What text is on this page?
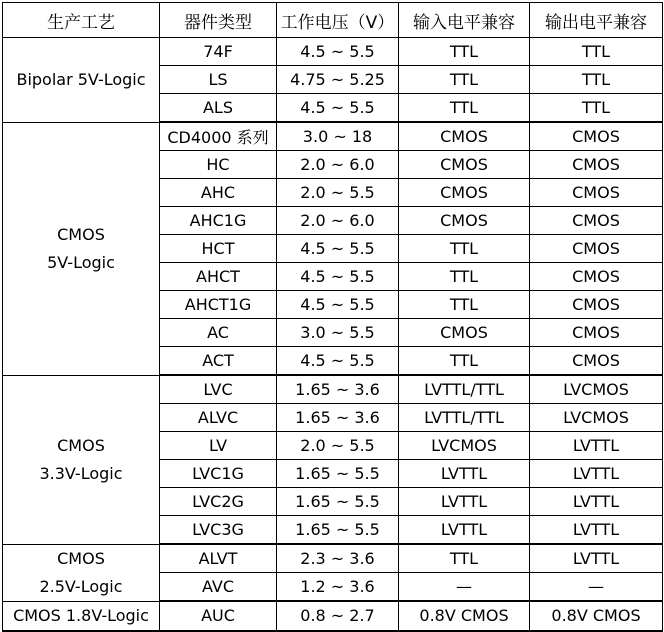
生产工艺	器件类型	工作电压（V）	输入电平兼容	输出电平兼容

Bipolar 5V-Logic	74F	4.5 ~ 5.5	TTL	TTL
	LS	4.75 ~ 5.25	TTL	TTL
	ALS	4.5 ~ 5.5	TTL	TTL

CMOS
5V-Logic	CD4000 系列	3.0 ~ 18	CMOS	CMOS
	HC	2.0 ~ 6.0	CMOS	CMOS
	AHC	2.0 ~ 5.5	CMOS	CMOS
	AHC1G	2.0 ~ 6.0	CMOS	CMOS
	HCT	4.5 ~ 5.5	TTL	CMOS
	AHCT	4.5 ~ 5.5	TTL	CMOS
	AHCT1G	4.5 ~ 5.5	TTL	CMOS
	AC	3.0 ~ 5.5	CMOS	CMOS
	ACT	4.5 ~ 5.5	TTL	CMOS

CMOS
3.3V-Logic	LVC	1.65 ~ 3.6	LVTTL/TTL	LVCMOS
	ALVC	1.65 ~ 3.6	LVTTL/TTL	LVCMOS
	LV	2.0 ~ 5.5	LVCMOS	LVTTL
	LVC1G	1.65 ~ 5.5	LVTTL	LVTTL
	LVC2G	1.65 ~ 5.5	LVTTL	LVTTL
	LVC3G	1.65 ~ 5.5	LVTTL	LVTTL

CMOS
2.5V-Logic	ALVT	2.3 ~ 3.6	TTL	LVTTL
	AVC	1.2 ~ 3.6	—	—

CMOS 1.8V-Logic	AUC	0.8 ~ 2.7	0.8V CMOS	0.8V CMOS
